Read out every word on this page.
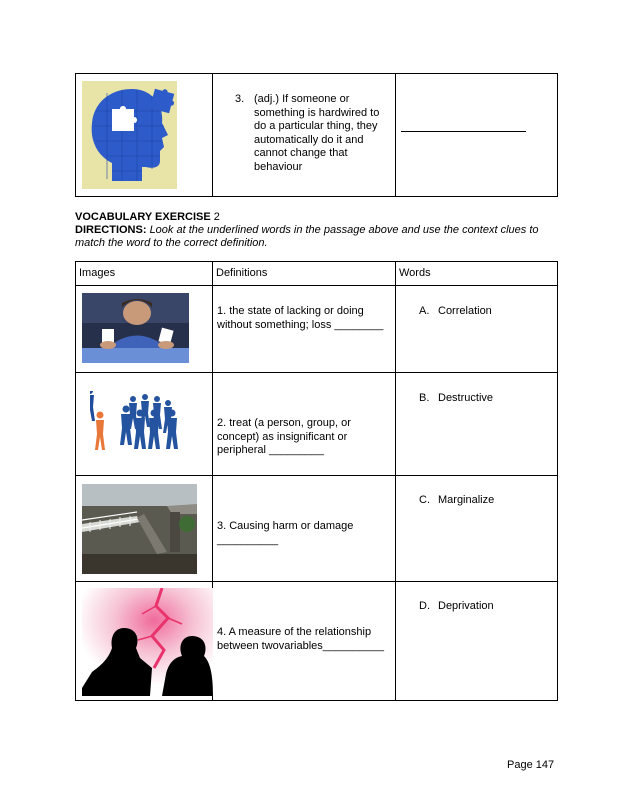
3. (adj.) If someone or something is hardwired to do a particular thing, they automatically do it and cannot change that behaviour

VOCABULARY EXERCISE 2
DIRECTIONS: Look at the underlined words in the passage above and use the context clues to match the word to the correct definition.
Images	Definitions	Words

1. the state of lacking or doing without something; loss ________	A. Correlation

2. treat (a person, group, or concept) as insignificant or peripheral _________	B. Destructive

3. Causing harm or damage __________	C. Marginalize

4. A measure of the relationship between twovariables__________	D. Deprivation
Page 147
